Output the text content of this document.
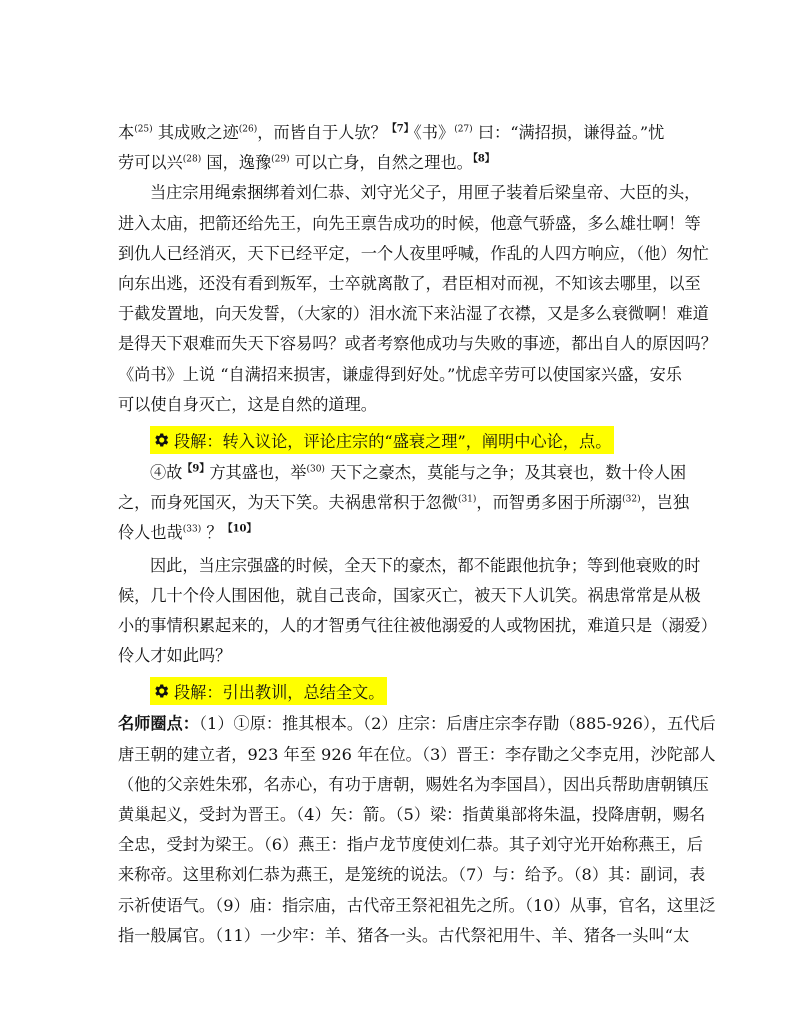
本$^{(25)}$ 其成败之迹$^{(26)}$，而皆自于人欤？$^{【7】}$《书》$^{(27)}$ 曰：“满招损，谦得益。”忧
劳可以兴$^{(28)}$ 国，逸豫$^{(29)}$ 可以亡身，自然之理也。$^{【8】}$
当庄宗用绳索捆绑着刘仁恭、刘守光父子，用匣子装着后梁皇帝、大臣的头，
进入太庙，把箭还给先王，向先王禀告成功的时候，他意气骄盛，多么雄壮啊！等
到仇人已经消灭，天下已经平定，一个人夜里呼喊，作乱的人四方响应，（他）匆忙
向东出逃，还没有看到叛军，士卒就离散了，君臣相对而视，不知该去哪里，以至
于截发置地，向天发誓，（大家的）泪水流下来沾湿了衣襟，又是多么衰微啊！难道
是得天下艰难而失天下容易吗？或者考察他成功与失败的事迹，都出自人的原因吗？
《尚书》上说 “自满招来损害，谦虚得到好处。”忧虑辛劳可以使国家兴盛，安乐
可以使自身灭亡，这是自然的道理。
段解：转入议论，评论庄宗的“盛衰之理”，阐明中心论，点。
④故$^{【9】}$方其盛也，举$^{(30)}$ 天下之豪杰，莫能与之争；及其衰也，数十伶人困
之，而身死国灭，为天下笑。夫祸患常积于忽微$^{(31)}$，而智勇多困于所溺$^{(32)}$，岂独
伶人也哉$^{(33)}$ ？$^{【10】}$
因此，当庄宗强盛的时候，全天下的豪杰，都不能跟他抗争；等到他衰败的时
候，几十个伶人围困他，就自己丧命，国家灭亡，被天下人讥笑。祸患常常是从极
小的事情积累起来的，人的才智勇气往往被他溺爱的人或物困扰，难道只是（溺爱）
伶人才如此吗？
段解：引出教训，总结全文。
名师圈点：（1）①原：推其根本。（2）庄宗：后唐庄宗李存勖（885-926），五代后
唐王朝的建立者，923 年至 926 年在位。（3）晋王：李存勖之父李克用，沙陀部人
（他的父亲姓朱邪，名赤心，有功于唐朝，赐姓名为李国昌），因出兵帮助唐朝镇压
黄巢起义，受封为晋王。（4）矢：箭。（5）梁：指黄巢部将朱温，投降唐朝，赐名
全忠，受封为梁王。（6）燕王：指卢龙节度使刘仁恭。其子刘守光开始称燕王，后
来称帝。这里称刘仁恭为燕王，是笼统的说法。（7）与：给予。（8）其：副词，表
示祈使语气。（9）庙：指宗庙，古代帝王祭祀祖先之所。（10）从事，官名，这里泛
指一般属官。（11）一少牢：羊、猪各一头。古代祭祀用牛、羊、猪各一头叫“太
